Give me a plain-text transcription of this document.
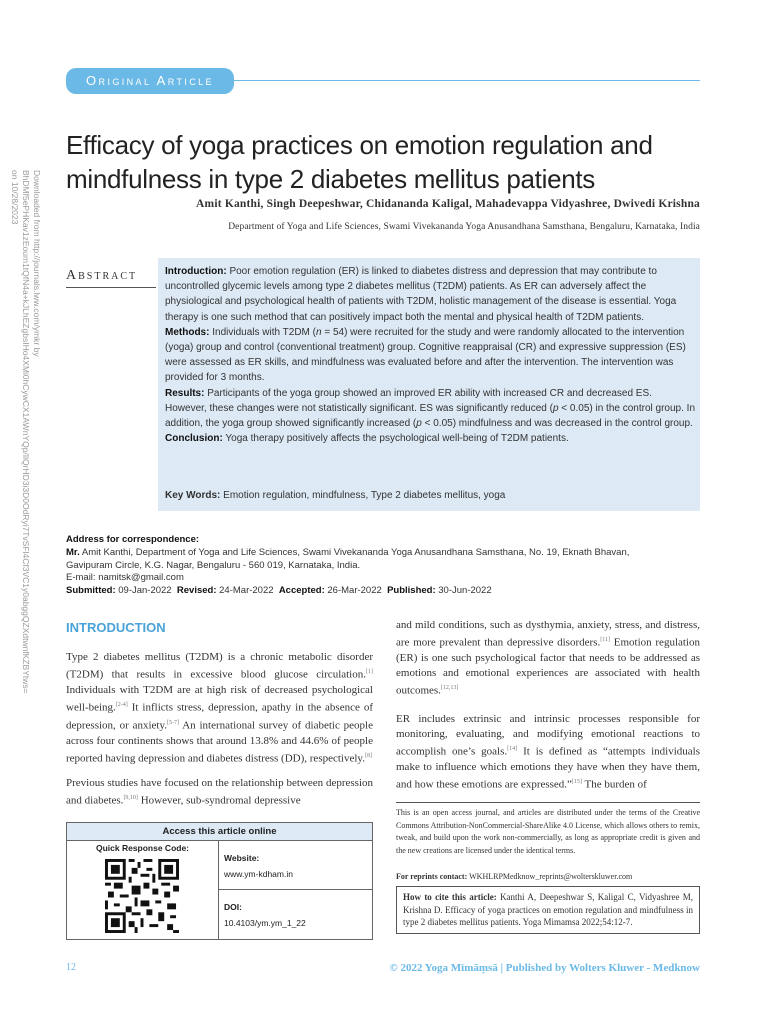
Original Article
Downloaded from http://journals.lww.com/ymkr by BhDMf5ePHKav1zEoum1tQfN4a+kJLhEZgbsIHo4XMi0hCywCX1AWnYQp/IlQrHD3i3D0OdRyi7TvSFl4Cf3VC1y0abggQZXdtwnfKZBYtws= on 10/28/2023
Efficacy of yoga practices on emotion regulation and mindfulness in type 2 diabetes mellitus patients
Amit Kanthi, Singh Deepeshwar, Chidananda Kaligal, Mahadevappa Vidyashree, Dwivedi Krishna
Department of Yoga and Life Sciences, Swami Vivekananda Yoga Anusandhana Samsthana, Bengaluru, Karnataka, India
Abstract	Introduction: Poor emotion regulation (ER) is linked to diabetes distress and depression that may contribute to uncontrolled glycemic levels among type 2 diabetes mellitus (T2DM) patients. As ER can adversely affect the physiological and psychological health of patients with T2DM, holistic management of the disease is essential. Yoga therapy is one such method that can positively impact both the mental and physical health of T2DM patients.

Methods: Individuals with T2DM (n = 54) were recruited for the study and were randomly allocated to the intervention (yoga) group and control (conventional treatment) group. Cognitive reappraisal (CR) and expressive suppression (ES) were assessed as ER skills, and mindfulness was evaluated before and after the intervention. The intervention was provided for 3 months.

Results: Participants of the yoga group showed an improved ER ability with increased CR and decreased ES. However, these changes were not statistically significant. ES was significantly reduced (p < 0.05) in the control group. In addition, the yoga group showed significantly increased (p < 0.05) mindfulness and was decreased in the control group.

Conclusion: Yoga therapy positively affects the psychological well-being of T2DM patients.

Key Words: Emotion regulation, mindfulness, Type 2 diabetes mellitus, yoga
Address for correspondence:
Mr. Amit Kanthi, Department of Yoga and Life Sciences, Swami Vivekananda Yoga Anusandhana Samsthana, No. 19, Eknath Bhavan,
Gavipuram Circle, K.G. Nagar, Bengaluru - 560 019, Karnataka, India.
E-mail: namitsk@gmail.com
Submitted: 09-Jan-2022 Revised: 24-Mar-2022 Accepted: 26-Mar-2022 Published: 30-Jun-2022
INTRODUCTION
Type 2 diabetes mellitus (T2DM) is a chronic metabolic disorder (T2DM) that results in excessive blood glucose circulation.[1] Individuals with T2DM are at high risk of decreased psychological well-being.[2-4] It inflicts stress, depression, apathy in the absence of depression, or anxiety.[5-7] An international survey of diabetic people across four continents shows that around 13.8% and 44.6% of people reported having depression and diabetes distress (DD), respectively.[8]
Previous studies have focused on the relationship between depression and diabetes.[9,10] However, sub-syndromal depressive
and mild conditions, such as dysthymia, anxiety, stress, and distress, are more prevalent than depressive disorders.[11] Emotion regulation (ER) is one such psychological factor that needs to be addressed as emotions and emotional experiences are associated with health outcomes.[12,13]
ER includes extrinsic and intrinsic processes responsible for monitoring, evaluating, and modifying emotional reactions to accomplish one’s goals.[14] It is defined as “attempts individuals make to influence which emotions they have when they have them, and how these emotions are expressed.”[15] The burden of
Access this article online
Quick Response Code:
Website:
www.ym-kdham.in
DOI:
10.4103/ym.ym_1_22
This is an open access journal, and articles are distributed under the terms of the Creative Commons Attribution-NonCommercial-ShareAlike 4.0 License, which allows others to remix, tweak, and build upon the work non-commercially, as long as appropriate credit is given and the new creations are licensed under the identical terms.
For reprints contact: WKHLRPMedknow_reprints@wolterskluwer.com
How to cite this article: Kanthi A, Deepeshwar S, Kaligal C, Vidyashree M, Krishna D. Efficacy of yoga practices on emotion regulation and mindfulness in type 2 diabetes mellitus patients. Yoga Mimamsa 2022;54:12-7.
12	© 2022 Yoga Mīmāṃsā | Published by Wolters Kluwer - Medknow
